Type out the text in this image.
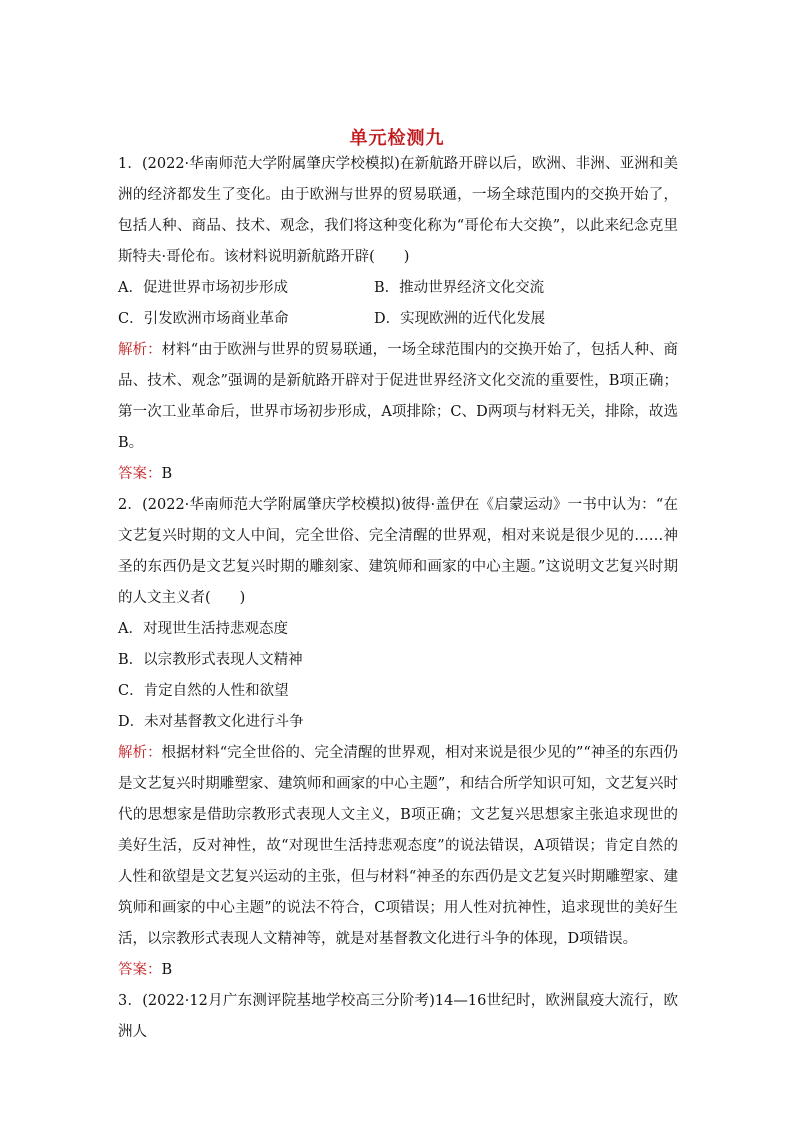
单元检测九

1．(2022·华南师范大学附属肇庆学校模拟)在新航路开辟以后，欧洲、非洲、亚洲和美洲的经济都发生了变化。由于欧洲与世界的贸易联通，一场全球范围内的交换开始了，包括人种、商品、技术、观念，我们将这种变化称为“哥伦布大交换”，以此来纪念克里斯特夫·哥伦布。该材料说明新航路开辟(　　)

A．促进世界市场初步形成	B．推动世界经济文化交流
C．引发欧洲市场商业革命	D．实现欧洲的近代化发展

解析：材料“由于欧洲与世界的贸易联通，一场全球范围内的交换开始了，包括人种、商品、技术、观念”强调的是新航路开辟对于促进世界经济文化交流的重要性，B项正确；第一次工业革命后，世界市场初步形成，A项排除；C、D两项与材料无关，排除，故选B。

答案：B

2．(2022·华南师范大学附属肇庆学校模拟)彼得·盖伊在《启蒙运动》一书中认为：“在文艺复兴时期的文人中间，完全世俗、完全清醒的世界观，相对来说是很少见的……神圣的东西仍是文艺复兴时期的雕刻家、建筑师和画家的中心主题。”这说明文艺复兴时期的人文主义者(　　)

A．对现世生活持悲观态度
B．以宗教形式表现人文精神
C．肯定自然的人性和欲望
D．未对基督教文化进行斗争

解析：根据材料“完全世俗的、完全清醒的世界观，相对来说是很少见的”“神圣的东西仍是文艺复兴时期雕塑家、建筑师和画家的中心主题”，和结合所学知识可知，文艺复兴时代的思想家是借助宗教形式表现人文主义，B项正确；文艺复兴思想家主张追求现世的美好生活，反对神性，故“对现世生活持悲观态度”的说法错误，A项错误；肯定自然的人性和欲望是文艺复兴运动的主张，但与材料“神圣的东西仍是文艺复兴时期雕塑家、建筑师和画家的中心主题”的说法不符合，C项错误；用人性对抗神性，追求现世的美好生活，以宗教形式表现人文精神等，就是对基督教文化进行斗争的体现，D项错误。

答案：B

3．(2022·12月广东测评院基地学校高三分阶考)14—16世纪时，欧洲鼠疫大流行，欧洲人
